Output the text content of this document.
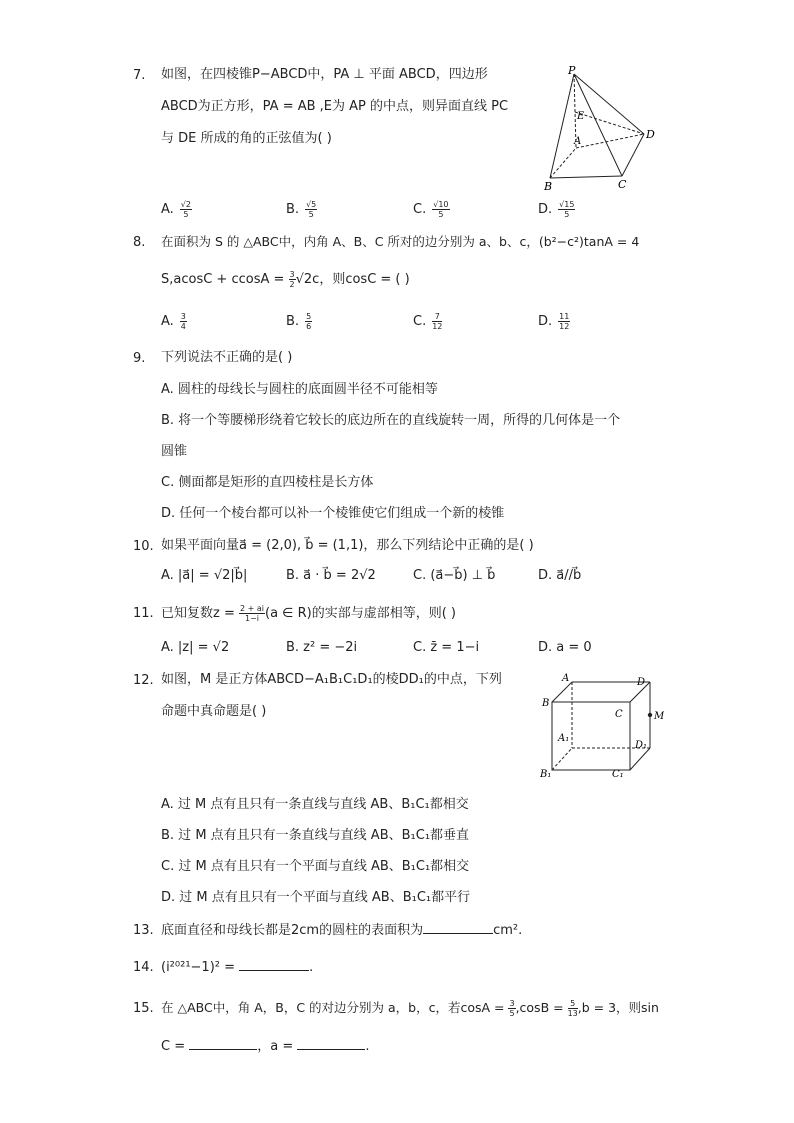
7. 如图，在四棱锥P−ABCD中，PA ⊥ 平面 ABCD，四边形
ABCD为正方形，PA = AB ,E为 AP 的中点，则异面直线 PC
与 DE 所成的角的正弦值为( )
P
E
A
D
B	C
A. $\frac{√2}{5}$	B. $\frac{√5}{5}$	C. $\frac{√10}{5}$	D. $\frac{√15}{5}$
8. 在面积为 S 的 △ABC中，内角 A、B、C 所对的边分别为 a、b、c，(b²−c²)tanA = 4
$S,acosC + ccosA = \frac{3}{2} √2c$，则cosC = ( )
A. $\frac{3}{4}$	B. $\frac{5}{6}$	C. $\frac{7}{12}$	D. $\frac{11}{12}$
9. 下列说法不正确的是( )
A. 圆柱的母线长与圆柱的底面圆半径不可能相等
B. 将一个等腰梯形绕着它较长的底边所在的直线旋转一周，所得的几何体是一个
圆锥
C. 侧面都是矩形的直四棱柱是长方体
D. 任何一个棱台都可以补一个棱锥使它们组成一个新的棱锥
10. 如果平面向量a⃗ = (2,0), b⃗ = (1,1)，那么下列结论中正确的是( )
A. |a⃗| = √2|b⃗|	B. a⃗ · b⃗ = 2√2	C. (a⃗−b⃗) ⊥ b⃗	D. a⃗//b⃗
11. 已知复数$z = \frac{2 + ai}{1-i} (a$ ∈ R)的实部与虚部相等，则( )
A. |z| = √2	B. z² = −2i	C. z̄ = 1−i	D. a = 0
12. 如图，M 是正方体ABCD−A₁B₁C₁D₁的棱DD₁的中点，下列
命题中真命题是( )
A	D
B
C	M
A₁
D₁
B₁	C₁
A. 过 M 点有且只有一条直线与直线 AB、B₁C₁都相交
B. 过 M 点有且只有一条直线与直线 AB、B₁C₁都垂直
C. 过 M 点有且只有一个平面与直线 AB、B₁C₁都相交
D. 过 M 点有且只有一个平面与直线 AB、B₁C₁都平行
13. 底面直径和母线长都是2cm的圆柱的表面积为	cm².
14. (i²⁰²¹−1)² =	.
15. 在 △ABC中，角 A，B，C 的对边分别为 a，b，c，若$\cos A = \frac{3}{5} ,\cos B = \frac{5}{13} ,b = 3$，则sin
C =	，a =	.
